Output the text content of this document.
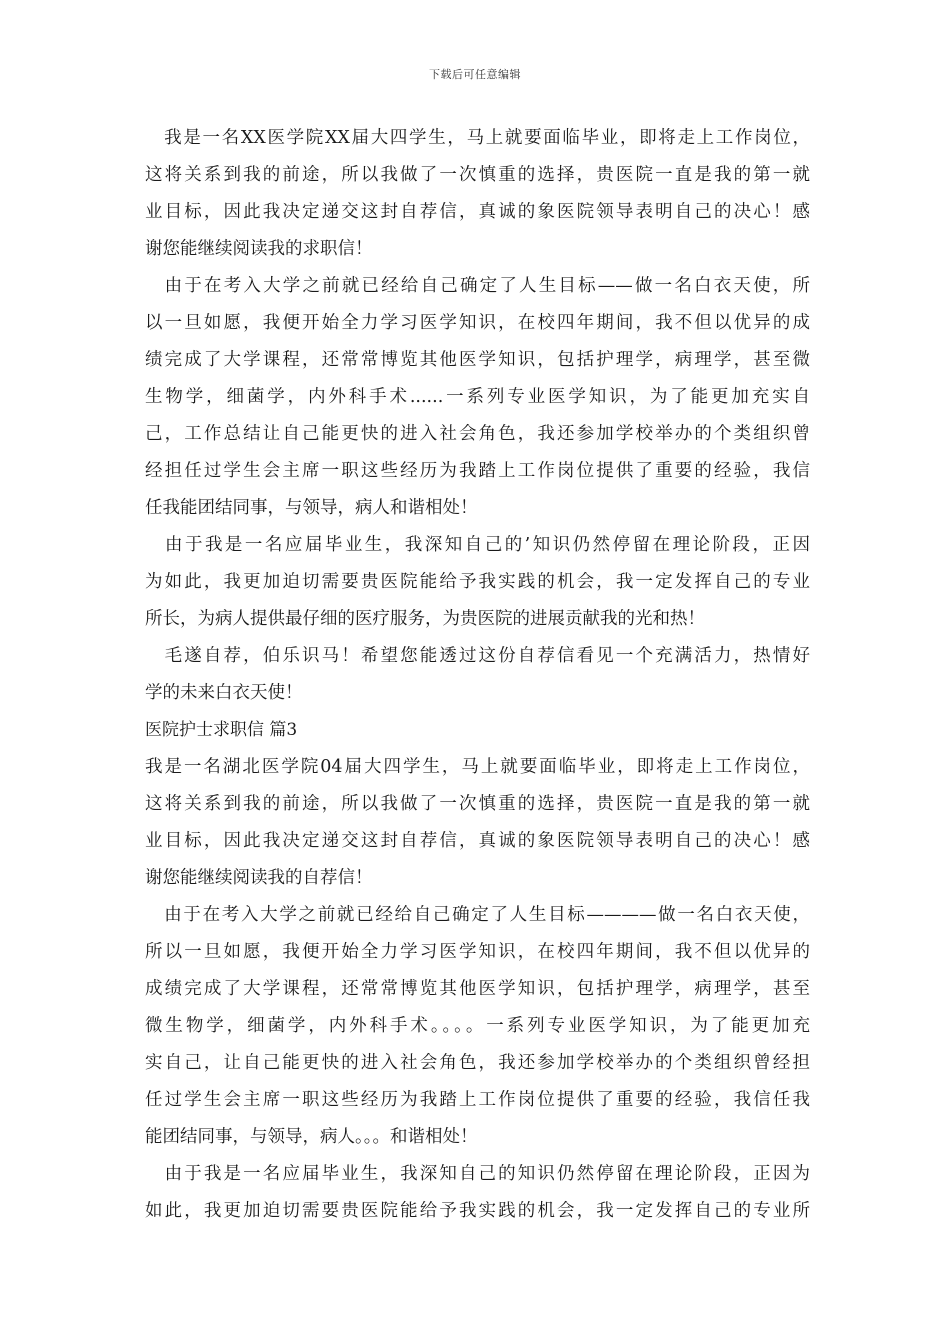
下载后可任意编辑
　我是一名XX医学院XX届大四学生，马上就要面临毕业，即将走上工作岗位，
这将关系到我的前途，所以我做了一次慎重的选择，贵医院一直是我的第一就
业目标，因此我决定递交这封自荐信，真诚的象医院领导表明自己的决心！感
谢您能继续阅读我的求职信！
　由于在考入大学之前就已经给自己确定了人生目标——做一名白衣天使，所
以一旦如愿，我便开始全力学习医学知识，在校四年期间，我不但以优异的成
绩完成了大学课程，还常常博览其他医学知识，包括护理学，病理学，甚至微
生物学，细菌学，内外科手术......一系列专业医学知识，为了能更加充实自
己，工作总结让自己能更快的进入社会角色，我还参加学校举办的个类组织曾
经担任过学生会主席一职这些经历为我踏上工作岗位提供了重要的经验，我信
任我能团结同事，与领导，病人和谐相处！
　由于我是一名应届毕业生，我深知自己的’知识仍然停留在理论阶段，正因
为如此，我更加迫切需要贵医院能给予我实践的机会，我一定发挥自己的专业
所长，为病人提供最仔细的医疗服务，为贵医院的进展贡献我的光和热！
　毛遂自荐，伯乐识马！希望您能透过这份自荐信看见一个充满活力，热情好
学的未来白衣天使！
医院护士求职信 篇3
我是一名湖北医学院04届大四学生，马上就要面临毕业，即将走上工作岗位，
这将关系到我的前途，所以我做了一次慎重的选择，贵医院一直是我的第一就
业目标，因此我决定递交这封自荐信，真诚的象医院领导表明自己的决心！感
谢您能继续阅读我的自荐信！
　由于在考入大学之前就已经给自己确定了人生目标————做一名白衣天使，
所以一旦如愿，我便开始全力学习医学知识，在校四年期间，我不但以优异的
成绩完成了大学课程，还常常博览其他医学知识，包括护理学，病理学，甚至
微生物学，细菌学，内外科手术。。。。一系列专业医学知识，为了能更加充
实自己，让自己能更快的进入社会角色，我还参加学校举办的个类组织曾经担
任过学生会主席一职这些经历为我踏上工作岗位提供了重要的经验，我信任我
能团结同事，与领导，病人。。。和谐相处！
　由于我是一名应届毕业生，我深知自己的知识仍然停留在理论阶段，正因为
如此，我更加迫切需要贵医院能给予我实践的机会，我一定发挥自己的专业所
